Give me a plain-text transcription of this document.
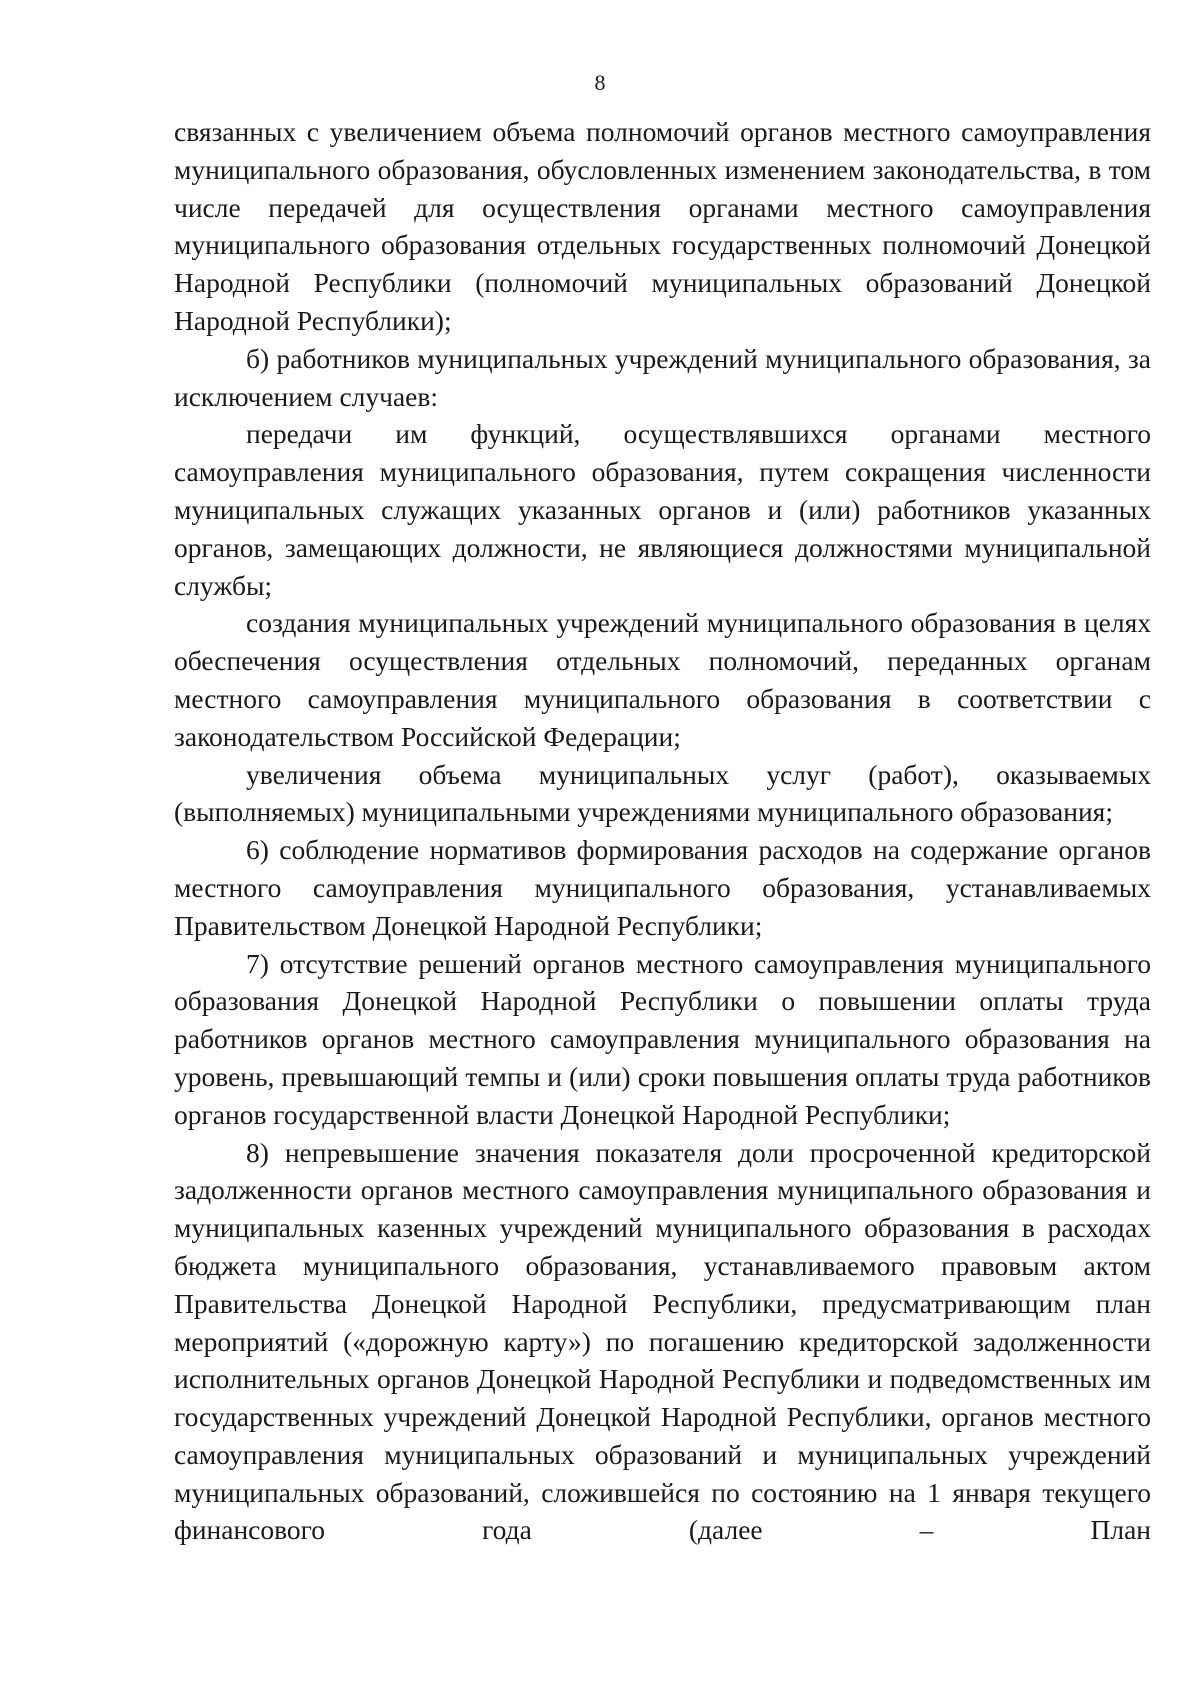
8

связанных с увеличением объема полномочий органов местного самоуправления муниципального образования, обусловленных изменением законодательства, в том числе передачей для осуществления органами местного самоуправления муниципального образования отдельных государственных полномочий Донецкой Народной Республики (полномочий муниципальных образований Донецкой Народной Республики);

б) работников муниципальных учреждений муниципального образования, за исключением случаев:

передачи им функций, осуществлявшихся органами местного самоуправления муниципального образования, путем сокращения численности муниципальных служащих указанных органов и (или) работников указанных органов, замещающих должности, не являющиеся должностями муниципальной службы;

создания муниципальных учреждений муниципального образования в целях обеспечения осуществления отдельных полномочий, переданных органам местного самоуправления муниципального образования в соответствии с законодательством Российской Федерации;

увеличения объема муниципальных услуг (работ), оказываемых (выполняемых) муниципальными учреждениями муниципального образования;

6) соблюдение нормативов формирования расходов на содержание органов местного самоуправления муниципального образования, устанавливаемых Правительством Донецкой Народной Республики;

7) отсутствие решений органов местного самоуправления муниципального образования Донецкой Народной Республики о повышении оплаты труда работников органов местного самоуправления муниципального образования на уровень, превышающий темпы и (или) сроки повышения оплаты труда работников органов государственной власти Донецкой Народной Республики;

8) непревышение значения показателя доли просроченной кредиторской задолженности органов местного самоуправления муниципального образования и муниципальных казенных учреждений муниципального образования в расходах бюджета муниципального образования, устанавливаемого правовым актом Правительства Донецкой Народной Республики, предусматривающим план мероприятий («дорожную карту») по погашению кредиторской задолженности исполнительных органов Донецкой Народной Республики и подведомственных им государственных учреждений Донецкой Народной Республики, органов местного самоуправления муниципальных образований и муниципальных учреждений муниципальных образований, сложившейся по состоянию на 1 января текущего финансового года (далее – План
